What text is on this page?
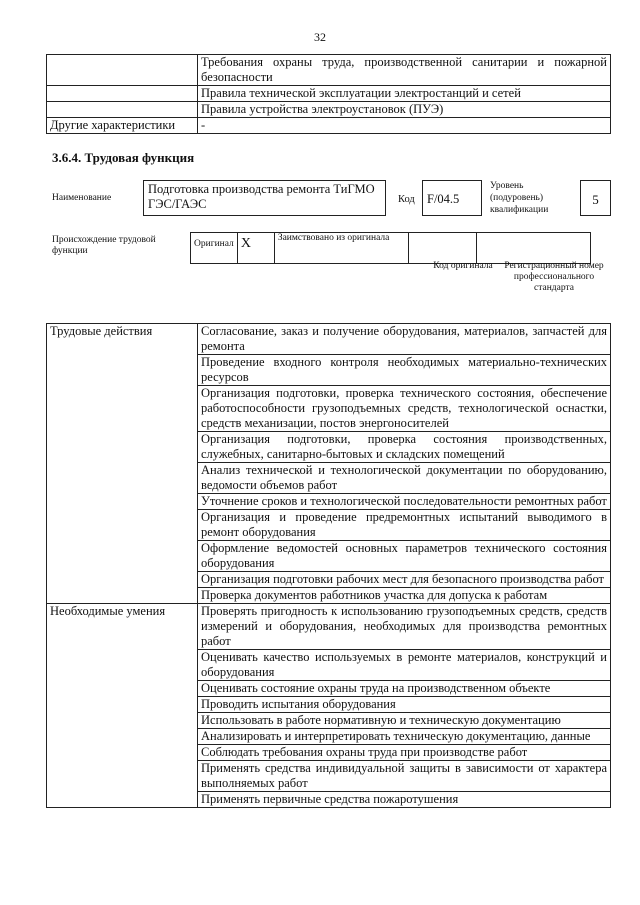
32
	Требования охраны труда, производственной санитарии и пожарной безопасности
	Правила технической эксплуатации электростанций и сетей
	Правила устройства электроустановок (ПУЭ)
Другие характеристики	-
3.6.4. Трудовая функция
Наименование
Подготовка производства ремонта ТиГМО ГЭС/ГАЭС	Код F/04.5
Уровень (подуровень) квалификации
5
Происхождение трудовой функции
Оригинал	X	Заимствовано из оригинала		
Код оригинала	Регистрационный номер профессионального стандарта
Трудовые действия	Согласование, заказ и получение оборудования, материалов, запчастей для ремонта
	Проведение входного контроля необходимых материально-технических ресурсов
	Организация подготовки, проверка технического состояния, обеспечение работоспособности грузоподъемных средств, технологической оснастки, средств механизации, постов энергоносителей
	Организация подготовки, проверка состояния производственных, служебных, санитарно-бытовых и складских помещений
	Анализ технической и технологической документации по оборудованию, ведомости объемов работ
	Уточнение сроков и технологической последовательности ремонтных работ
	Организация и проведение предремонтных испытаний выводимого в ремонт оборудования
	Оформление ведомостей основных параметров технического состояния оборудования
	Организация подготовки рабочих мест для безопасного производства работ
	Проверка документов работников участка для допуска к работам
Необходимые умения	Проверять пригодность к использованию грузоподъемных средств, средств измерений и оборудования, необходимых для производства ремонтных работ
	Оценивать качество используемых в ремонте материалов, конструкций и оборудования
	Оценивать состояние охраны труда на производственном объекте
	Проводить испытания оборудования
	Использовать в работе нормативную и техническую документацию
	Анализировать и интерпретировать техническую документацию, данные
	Соблюдать требования охраны труда при производстве работ
	Применять средства индивидуальной защиты в зависимости от характера выполняемых работ
	Применять первичные средства пожаротушения
